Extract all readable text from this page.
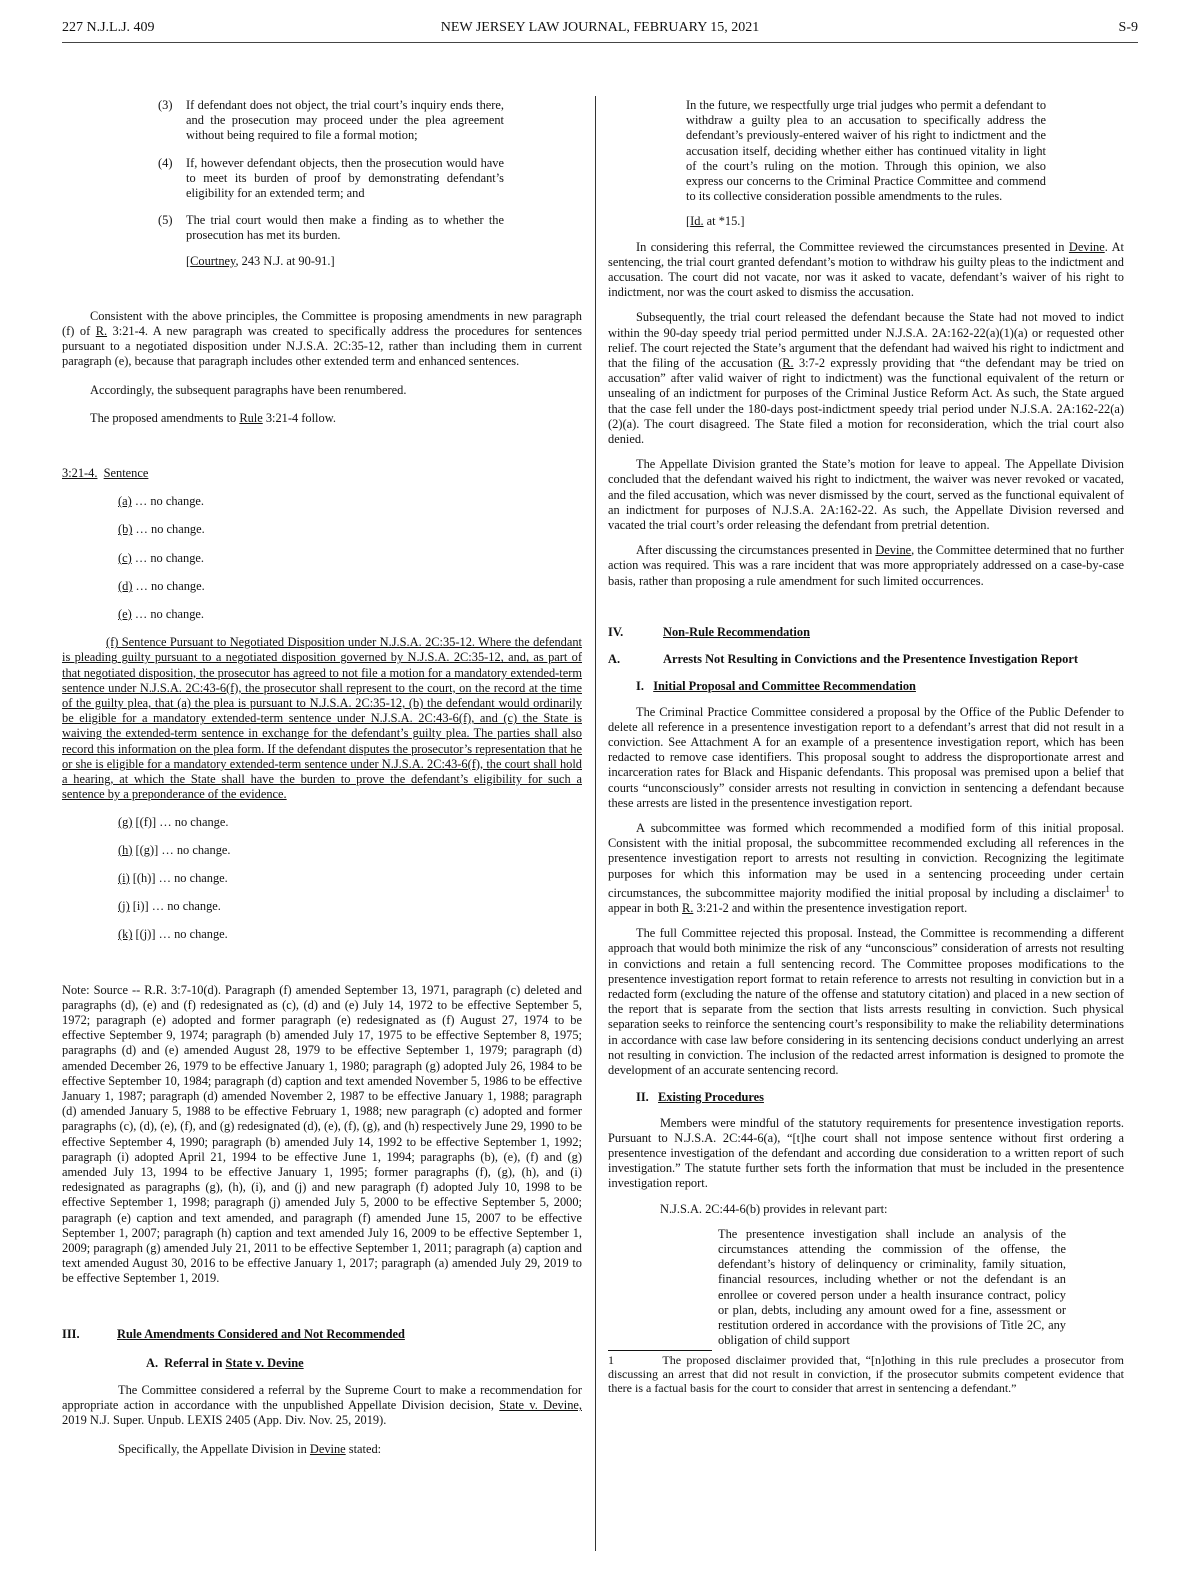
227 N.J.L.J. 409	NEW JERSEY LAW JOURNAL, FEBRUARY 15, 2021	S-9
(3) If defendant does not object, the trial court’s inquiry ends there, and the prosecution may proceed under the plea agreement without being required to file a formal motion;
(4) If, however defendant objects, then the prosecution would have to meet its burden of proof by demonstrating defendant’s eligibility for an extended term; and
(5) The trial court would then make a finding as to whether the prosecution has met its burden.

[Courtney, 243 N.J. at 90-91.]

Consistent with the above principles, the Committee is proposing amendments in new paragraph (f) of R. 3:21-4. A new paragraph was created to specifically address the procedures for sentences pursuant to a negotiated disposition under N.J.S.A. 2C:35-12, rather than including them in current paragraph (e), because that paragraph includes other extended term and enhanced sentences.

Accordingly, the subsequent paragraphs have been renumbered.

The proposed amendments to Rule 3:21-4 follow.

3:21-4. Sentence

(a) … no change.

(b) … no change.

(c) … no change.

(d) … no change.

(e) … no change.

(f) Sentence Pursuant to Negotiated Disposition under N.J.S.A. 2C:35-12. Where the defendant is pleading guilty pursuant to a negotiated disposition governed by N.J.S.A. 2C:35-12, and, as part of that negotiated disposition, the prosecutor has agreed to not file a motion for a mandatory extended-term sentence under N.J.S.A. 2C:43-6(f), the prosecutor shall represent to the court, on the record at the time of the guilty plea, that (a) the plea is pursuant to N.J.S.A. 2C:35-12, (b) the defendant would ordinarily be eligible for a mandatory extended-term sentence under N.J.S.A. 2C:43-6(f), and (c) the State is waiving the extended-term sentence in exchange for the defendant’s guilty plea. The parties shall also record this information on the plea form. If the defendant disputes the prosecutor’s representation that he or she is eligible for a mandatory extended-term sentence under N.J.S.A. 2C:43-6(f), the court shall hold a hearing, at which the State shall have the burden to prove the defendant’s eligibility for such a sentence by a preponderance of the evidence.

(g) [(f)] … no change.

(h) [(g)] … no change.

(i) [(h)] … no change.

(j) [i)] … no change.

(k) [(j)] … no change.

Note: Source -- R.R. 3:7-10(d). Paragraph (f) amended September 13, 1971, paragraph (c) deleted and paragraphs (d), (e) and (f) redesignated as (c), (d) and (e) July 14, 1972 to be effective September 5, 1972; paragraph (e) adopted and former paragraph (e) redesignated as (f) August 27, 1974 to be effective September 9, 1974; paragraph (b) amended July 17, 1975 to be effective September 8, 1975; paragraphs (d) and (e) amended August 28, 1979 to be effective September 1, 1979; paragraph (d) amended December 26, 1979 to be effective January 1, 1980; paragraph (g) adopted July 26, 1984 to be effective September 10, 1984; paragraph (d) caption and text amended November 5, 1986 to be effective January 1, 1987; paragraph (d) amended November 2, 1987 to be effective January 1, 1988; paragraph (d) amended January 5, 1988 to be effective February 1, 1988; new paragraph (c) adopted and former paragraphs (c), (d), (e), (f), and (g) redesignated (d), (e), (f), (g), and (h) respectively June 29, 1990 to be effective September 4, 1990; paragraph (b) amended July 14, 1992 to be effective September 1, 1992; paragraph (i) adopted April 21, 1994 to be effective June 1, 1994; paragraphs (b), (e), (f) and (g) amended July 13, 1994 to be effective January 1, 1995; former paragraphs (f), (g), (h), and (i) redesignated as paragraphs (g), (h), (i), and (j) and new paragraph (f) adopted July 10, 1998 to be effective September 1, 1998; paragraph (j) amended July 5, 2000 to be effective September 5, 2000; paragraph (e) caption and text amended, and paragraph (f) amended June 15, 2007 to be effective September 1, 2007; paragraph (h) caption and text amended July 16, 2009 to be effective September 1, 2009; paragraph (g) amended July 21, 2011 to be effective September 1, 2011; paragraph (a) caption and text amended August 30, 2016 to be effective January 1, 2017; paragraph (a) amended July 29, 2019 to be effective September 1, 2019.

III.	Rule Amendments Considered and Not Recommended

A. Referral in State v. Devine

The Committee considered a referral by the Supreme Court to make a recommendation for appropriate action in accordance with the unpublished Appellate Division decision, State v. Devine, 2019 N.J. Super. Unpub. LEXIS 2405 (App. Div. Nov. 25, 2019).

Specifically, the Appellate Division in Devine stated:

In the future, we respectfully urge trial judges who permit a defendant to withdraw a guilty plea to an accusation to specifically address the defendant’s previously-entered waiver of his right to indictment and the accusation itself, deciding whether either has continued vitality in light of the court’s ruling on the motion. Through this opinion, we also express our concerns to the Criminal Practice Committee and commend to its collective consideration possible amendments to the rules.

[Id. at *15.]

In considering this referral, the Committee reviewed the circumstances presented in Devine. At sentencing, the trial court granted defendant’s motion to withdraw his guilty pleas to the indictment and accusation. The court did not vacate, nor was it asked to vacate, defendant’s waiver of his right to indictment, nor was the court asked to dismiss the accusation.

Subsequently, the trial court released the defendant because the State had not moved to indict within the 90-day speedy trial period permitted under N.J.S.A. 2A:162-22(a)(1)(a) or requested other relief. The court rejected the State’s argument that the defendant had waived his right to indictment and that the filing of the accusation (R. 3:7-2 expressly providing that “the defendant may be tried on accusation” after valid waiver of right to indictment) was the functional equivalent of the return or unsealing of an indictment for purposes of the Criminal Justice Reform Act. As such, the State argued that the case fell under the 180-days post-indictment speedy trial period under N.J.S.A. 2A:162-22(a)(2)(a). The court disagreed. The State filed a motion for reconsideration, which the trial court also denied.

The Appellate Division granted the State’s motion for leave to appeal. The Appellate Division concluded that the defendant waived his right to indictment, the waiver was never revoked or vacated, and the filed accusation, which was never dismissed by the court, served as the functional equivalent of an indictment for purposes of N.J.S.A. 2A:162-22. As such, the Appellate Division reversed and vacated the trial court’s order releasing the defendant from pretrial detention.

After discussing the circumstances presented in Devine, the Committee determined that no further action was required. This was a rare incident that was more appropriately addressed on a case-by-case basis, rather than proposing a rule amendment for such limited occurrences.

IV.	Non-Rule Recommendation
A.	Arrests Not Resulting in Convictions and the Presentence Investigation Report

I. Initial Proposal and Committee Recommendation

The Criminal Practice Committee considered a proposal by the Office of the Public Defender to delete all reference in a presentence investigation report to a defendant’s arrest that did not result in a conviction. See Attachment A for an example of a presentence investigation report, which has been redacted to remove case identifiers. This proposal sought to address the disproportionate arrest and incarceration rates for Black and Hispanic defendants. This proposal was premised upon a belief that courts “unconsciously” consider arrests not resulting in conviction in sentencing a defendant because these arrests are listed in the presentence investigation report.

A subcommittee was formed which recommended a modified form of this initial proposal. Consistent with the initial proposal, the subcommittee recommended excluding all references in the presentence investigation report to arrests not resulting in conviction. Recognizing the legitimate purposes for which this information may be used in a sentencing proceeding under certain circumstances, the subcommittee majority modified the initial proposal by including a disclaimer$^1$ to appear in both R. 3:21-2 and within the presentence investigation report.

The full Committee rejected this proposal. Instead, the Committee is recommending a different approach that would both minimize the risk of any “unconscious” consideration of arrests not resulting in convictions and retain a full sentencing record. The Committee proposes modifications to the presentence investigation report format to retain reference to arrests not resulting in conviction but in a redacted form (excluding the nature of the offense and statutory citation) and placed in a new section of the report that is separate from the section that lists arrests resulting in conviction. Such physical separation seeks to reinforce the sentencing court’s responsibility to make the reliability determinations in accordance with case law before considering in its sentencing decisions conduct underlying an arrest not resulting in conviction. The inclusion of the redacted arrest information is designed to promote the development of an accurate sentencing record.

II. Existing Procedures

Members were mindful of the statutory requirements for presentence investigation reports. Pursuant to N.J.S.A. 2C:44-6(a), “[t]he court shall not impose sentence without first ordering a presentence investigation of the defendant and according due consideration to a written report of such investigation.” The statute further sets forth the information that must be included in the presentence investigation report.

N.J.S.A. 2C:44-6(b) provides in relevant part:

The presentence investigation shall include an analysis of the circumstances attending the commission of the offense, the defendant’s history of delinquency or criminality, family situation, financial resources, including whether or not the defendant is an enrollee or covered person under a health insurance contract, policy or plan, debts, including any amount owed for a fine, assessment or restitution ordered in accordance with the provisions of Title 2C, any obligation of child support

1	The proposed disclaimer provided that, “[n]othing in this rule precludes a prosecutor from discussing an arrest that did not result in conviction, if the prosecutor submits competent evidence that there is a factual basis for the court to consider that arrest in sentencing a defendant.”
